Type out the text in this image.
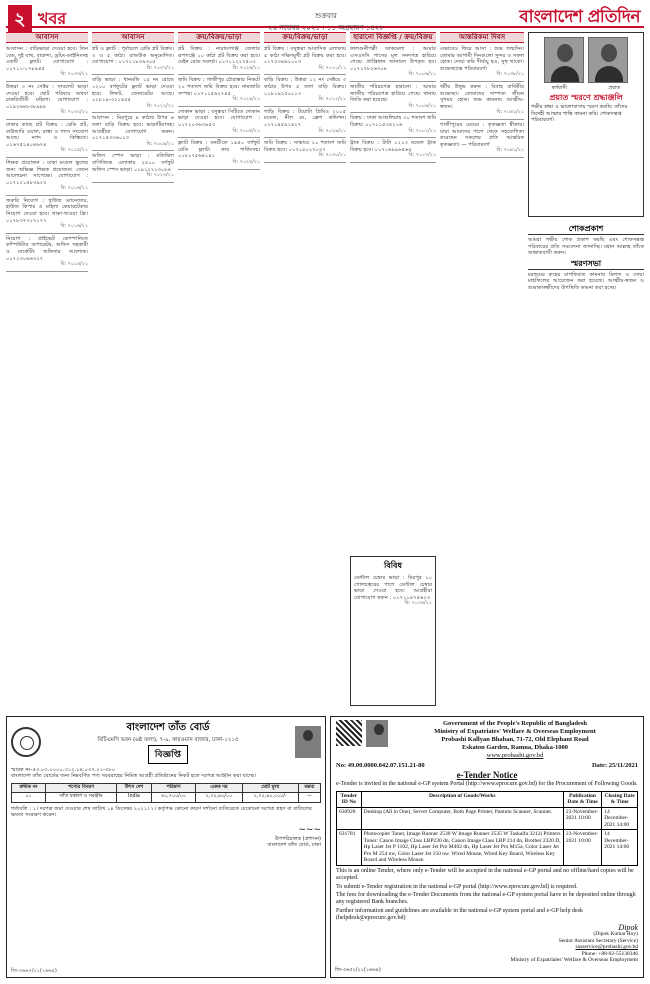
২ খবর	শুক্রবার
২৬ নভেম্বর ২০২১ । ১১ অগ্রহায়ণ ১৪২৮
বাংলাদেশ প্রতিদিন
আবাসন
আবাসন : বাড়িভাড়া দেওয়া হবে। তিন বেড, দুই বাথ, বারান্দা, ড্রয়িং-ডাইনিংসহ একটি ফ্ল্যাট। যোগাযোগ : ০১৭১১-১৭৮৯৪৫
বি: ৭০৩৩/২১
উত্তরা ৩ নং সেক্টর : সাবলেট ভাড়া দেওয়া হবে। ছোট পরিবার অথবা চাকরিজীবী মহিলা। যোগাযোগ : ০১৯২৬৪৮৩৮৯৮৮
বি: ৭০৩২/২১
ঢাকার কাছে প্লট বিক্রয় : রেডি প্লট, বাউন্ডারি ওয়াল, রাস্তা ও গ্যাস সংযোগ আছে। নগদ ও কিস্তিতে। ০১৬৭৫২৪০৪৬৭৪
বি: ৭০১৫/২১
শিক্ষক প্রয়োজন : ঢাকা মডেল স্কুলের জন্য অভিজ্ঞ শিক্ষক প্রয়োজন। বেতন আলোচনা সাপেক্ষে। যোগাযোগ : ০১৭১২১৫৮৩৯২৩
বি: ৭০১৬/২১
জরুরি নিয়োগ : হাউজ ম্যানেজার, হাউজ কিপার ও মহিলা কেয়ারটেকার নিয়োগ দেওয়া হবে। থাকা-খাওয়া ফ্রি। ০১৭৮৩৭৭১৭১৭৭
বি: ৭০১৬/২১
নিয়োগ : প্রাইভেট কোম্পানিতে কম্পিউটার অপারেটর, অফিস সহকারী ও মার্কেটিং অফিসার আবশ্যক। ০১৭২৩০৬৬৩২৭
বি: ৭০১৪/২১
আবাসন
প্লট ও ফ্ল্যাট : পূর্বাচলে রেডি প্লট বিক্রয়। ৩ ও ৫ কাঠা। রাজউক অনুমোদিত। যোগাযোগ : ০১৭১১৮৩৯৩০৫
বি: ৭০৩৭/২১
বাড়ি ভাড়া : ধানমন্ডি ১৫ নং রোডে ১২০০ বর্গফুটের ফ্ল্যাট ভাড়া দেওয়া হবে। লিফট, জেনারেটর আছে। ০১৮১৯-৩২১৪৫৫
বি: ৭০২২/২১
আবাসন : মিরপুরে ৪ কাঠার উপর ৬ তলা বাড়ি বিক্রয় হবে। ভাড়াটিয়াসহ। আগ্রহীরা যোগাযোগ করুন। ০১৭১৫৩৩৬০১৩
বি: ৭০০৯/২১
অফিস স্পেস ভাড়া : মতিঝিল বাণিজ্যিক এলাকায় ২৫০০ বর্গফুট অফিস স্পেস ভাড়া। ০১৯১২২১৩০৮৪
বি: ৭০২৩/২১
ক্রয়/বিক্রয়/ভাড়া
প্লট বিক্রয় : নারায়ণগঞ্জ জেলার রূপগঞ্জে ১০ কাঠা প্লট বিক্রয় করা হবে। মেইন রোড সংলগ্ন। ০১৭১১২২৭৫০৩
বি: ৭০২৬/২১
জমি বিক্রয় : গাজীপুর চৌরাস্তার নিকটে ২০ শতাংশ জমি বিক্রয় হবে। নামজারি সম্পন্ন। ০১৭১১৫৬২৭৪৫
বি: ৭০২৯/২১
দোকান ভাড়া : বসুন্ধরা সিটিতে দোকান ভাড়া দেওয়া হবে। যোগাযোগ : ০১৭২০৩৬৩৯৫৩
বি: ৭০০৫/২১
ফ্ল্যাট বিক্রয় : বনশ্রীতে ১৪৫০ বর্গফুট রেডি ফ্ল্যাট। কার পার্কিংসহ। ০১৮১৭৫৬৪১৪১
বি: ৭০২৫/২১
ক্রয়/বিক্রয়/ভাড়া
প্লট বিক্রয় : বসুন্ধরা আবাসিক এলাকায় ৫ কাঠা দক্ষিণমুখী প্লট বিক্রয় করা হবে। ০১৭৩৩৪৬১০০৩
বি: ৭০১০/২১
বাড়ি বিক্রয় : উত্তরা ১২ নং সেক্টরে ৩ কাঠার উপর ৫ তলা বাড়ি বিক্রয়। ০১৮১৯২৫০০১৩
বি: ৭০১২/২১
গাড়ি বিক্রয় : টয়োটা প্রিমিও ২০১৫ মডেল, নীল রং, ফ্রেশ কন্ডিশন। ০১৭১৪৫৯১৪২৭
বি: ৭০২৯/২১
জমি বিক্রয় : সাভারে ১০ শতাংশ জমি বিক্রয় হবে। ০১৭১৫০২৭০৩৭
বি: ৭০৩০/২১
হারানো বিজ্ঞপ্তি / ক্রয়/বিক্রয়
ফালগুনীপল্লী ডাকমেলা : আমার এসএসসি পাসের মূল সনদপত্র হারিয়ে গেছে। প্রাপ্তিস্থান জানালে উপকৃত হব। ০১৭১৭৮২৬৩০৮
বি: ৭০০৬/২১
জাতীয় পরিচয়পত্র হারানো : আমার জাতীয় পরিচয়পত্র হারিয়ে গেছে। থানায় জিডি করা হয়েছে।
বি: ৭০০৪/২১
বিক্রয় : ঢাকা আশুলিয়ায় ৩০ শতাংশ জমি বিক্রয়। ০১৭১১৫৩৪২১৬
বি: ৭০০২/২১
ট্রাক বিক্রয় : টাটা ১২১৩ মডেল ট্রাক বিক্রয় হবে। ০১৭১৬৯৯৬৫৬৫
বি: ৭০১৭/২১
আন্তরিকমা দিবস
এভাবেও ফিরে আসা : শুভ জন্মদিন। তোমার আগামী দিনগুলো সুন্দর ও সফল হোক। দোয়া করি দীর্ঘায়ু হও, সুস্থ থাকো। শুভেচ্ছান্তে পরিবারবর্গ।
বি: ৭০৩৮/২১
ধর্মীয় উদ্বুদ্ধ করুন : বিবাহ বার্ষিকীর শুভেচ্ছা। তোমাদের দাম্পত্য জীবন সুখময় হোক। শুভ কামনায় আত্মীয়-স্বজন।
বি: ৭০৪২/২১
গাজীপুরের মেয়ের : কৃতজ্ঞতা স্বীকার। যারা আমাদের পাশে থেকে সহযোগিতা করেছেন সকলের প্রতি আন্তরিক কৃতজ্ঞতা। — পরিবারবর্গ
বি: ৭০৪১/২১
বিবিধ
ডেন্টাল চেম্বার ভাড়া : মিরপুর ১০ গোলচত্বরের পাশে ডেন্টাল চেম্বার ভাড়া দেওয়া হবে। আগ্রহীরা যোগাযোগ করুন : ০১৭১১৪৭৫৬২৩
বি: ৭০৩৪/২১
স্বর্গবাসী	প্রয়াত
প্রয়াত স্মরণে শ্রদ্ধাঞ্জলি
গভীর শ্রদ্ধা ও ভালোবাসায় স্মরণ করছি। তাঁদের বিদেহী আত্মার শান্তি কামনা করি। শোকসন্তপ্ত পরিবারবর্গ।
শোকপ্রকাশ
আমরা গভীর শোক প্রকাশ করছি এবং শোকসন্তপ্ত পরিবারের প্রতি সমবেদনা জানাচ্ছি। মহান আল্লাহ তাঁকে জান্নাতবাসী করুন।
স্মরণসভা
মরহুমের রুহের মাগফিরাত কামনায় মিলাদ ও দোয়া মাহফিলের আয়োজন করা হয়েছে। আত্মীয়-স্বজন ও শুভাকাঙ্ক্ষীদের উপস্থিতি কামনা করা হচ্ছে।
বাংলাদেশ তাঁত বোর্ড
বিটিএমসি ভবন (৬ষ্ঠ তলা), ৭-৯, কারওয়ান বাজার, ঢাকা-১২১৫
বিজ্ঞপ্তি
স্মারক নং-৫৩.০৩.০০০০.৩১২.১৪.০৩৭.২১-৩৮০
বাংলাদেশ তাঁত বোর্ডের জন্য নিম্নবর্ণিত পণ্য সরবরাহের নিমিত্ত আগ্রহী প্রতিষ্ঠানের নিকট হতে দরপত্র আহ্বান করা যাচ্ছে।
ক্রমিক নং	পণ্যের বিবরণ	উৎস দেশ	পরিমাণ	একক দর	মোট মূল্য	মন্তব্য
০১	তাঁত যন্ত্রাংশ ও সরঞ্জাম	India	৪০,৭০০/০০	২,৭২,৯০/০০	২,৭২,৯০,০০০/-	—
শর্তাবলি : ১। দরপত্র জমা দেওয়ার শেষ তারিখ ১৪ ডিসেম্বর ২০২১। ২। কর্তৃপক্ষ কোনো কারণ দর্শানো ব্যতিরেকে যেকোনো দরপত্র গ্রহণ বা বাতিলের ক্ষমতা সংরক্ষণ করেন।
~~~
উপপরিচালক (প্রশাসন)
বাংলাদেশ তাঁত বোর্ড, ঢাকা
জি-৩৬৬৭/২১(১৬৬৫)
Government of the People's Republic of Bangladesh
Ministry of Expatriates' Welfare & Overseas Employment
Probashi Kallyan Bhaban, 71-72, Old Elephant Road
Eskaton Garden, Ramna, Dhaka-1000
www.probashi.gov.bd
No: 49.00.0000.042.07.151.21-80	Date: 25/11/2021
e-Tender Notice
e-Tender is invited in the national e-GP system Portal (http://www.eprocure.gov.bd) for the Procurement of Following Goods.
Tender ID No	Description of Goods/Works	Publication Date & Time	Closing Date & Time
630928	Desktop (All in One), Server Computer, Both Page Printer, Pantum Scanner, Scanner.	23-November-2021 10:00	14 December-2021 14:00
631781	Photocopier Toner, Image Runner 2530 W Image Runner 2535 W Taskalfa 3212i Printers Toner: Canon Image Class LBP230 dn, Canon Image Class LBP 214 dn, Brother 2320 D, Hp Laser Jet P 1102, Hp Laser Jet Pro M402 dn, Hp Laser Jet Pro M15a, Color Laser Jet Pro M 254 nw, Color Laser Jet 150 nw. Wired Mouse, Wired Key Board, Wireless Key Board and Wireless Mouse.	23-November-2021 10:00	14 December-2021 14:00
This is an online Tender, where only e-Tender will be accepted in the national e-GP portal and no offline/hard copies will be accepted.
To submit e-Tender registration in the national e-GP portal (http://www.eprocure.gov.bd) is required.
The fees for downloading the e-Tender Documents from the national e-GP system portal have to be deposited online through any registered Bank branches.
Further information and guidelines are available in the national e-GP system portal and e-GP help desk (helpdesk@eprocure.gov.bd)
Dipok
(Dipok Kumar Roy)
Senior Assistant Secretary (Service)
sasservice@probashi.gov.bd
Phone: +88-02-55138346
Ministry of Expatriates' Welfare & Overseas Employment
জি-৩৬৫২/২১(১৬৬৪)
